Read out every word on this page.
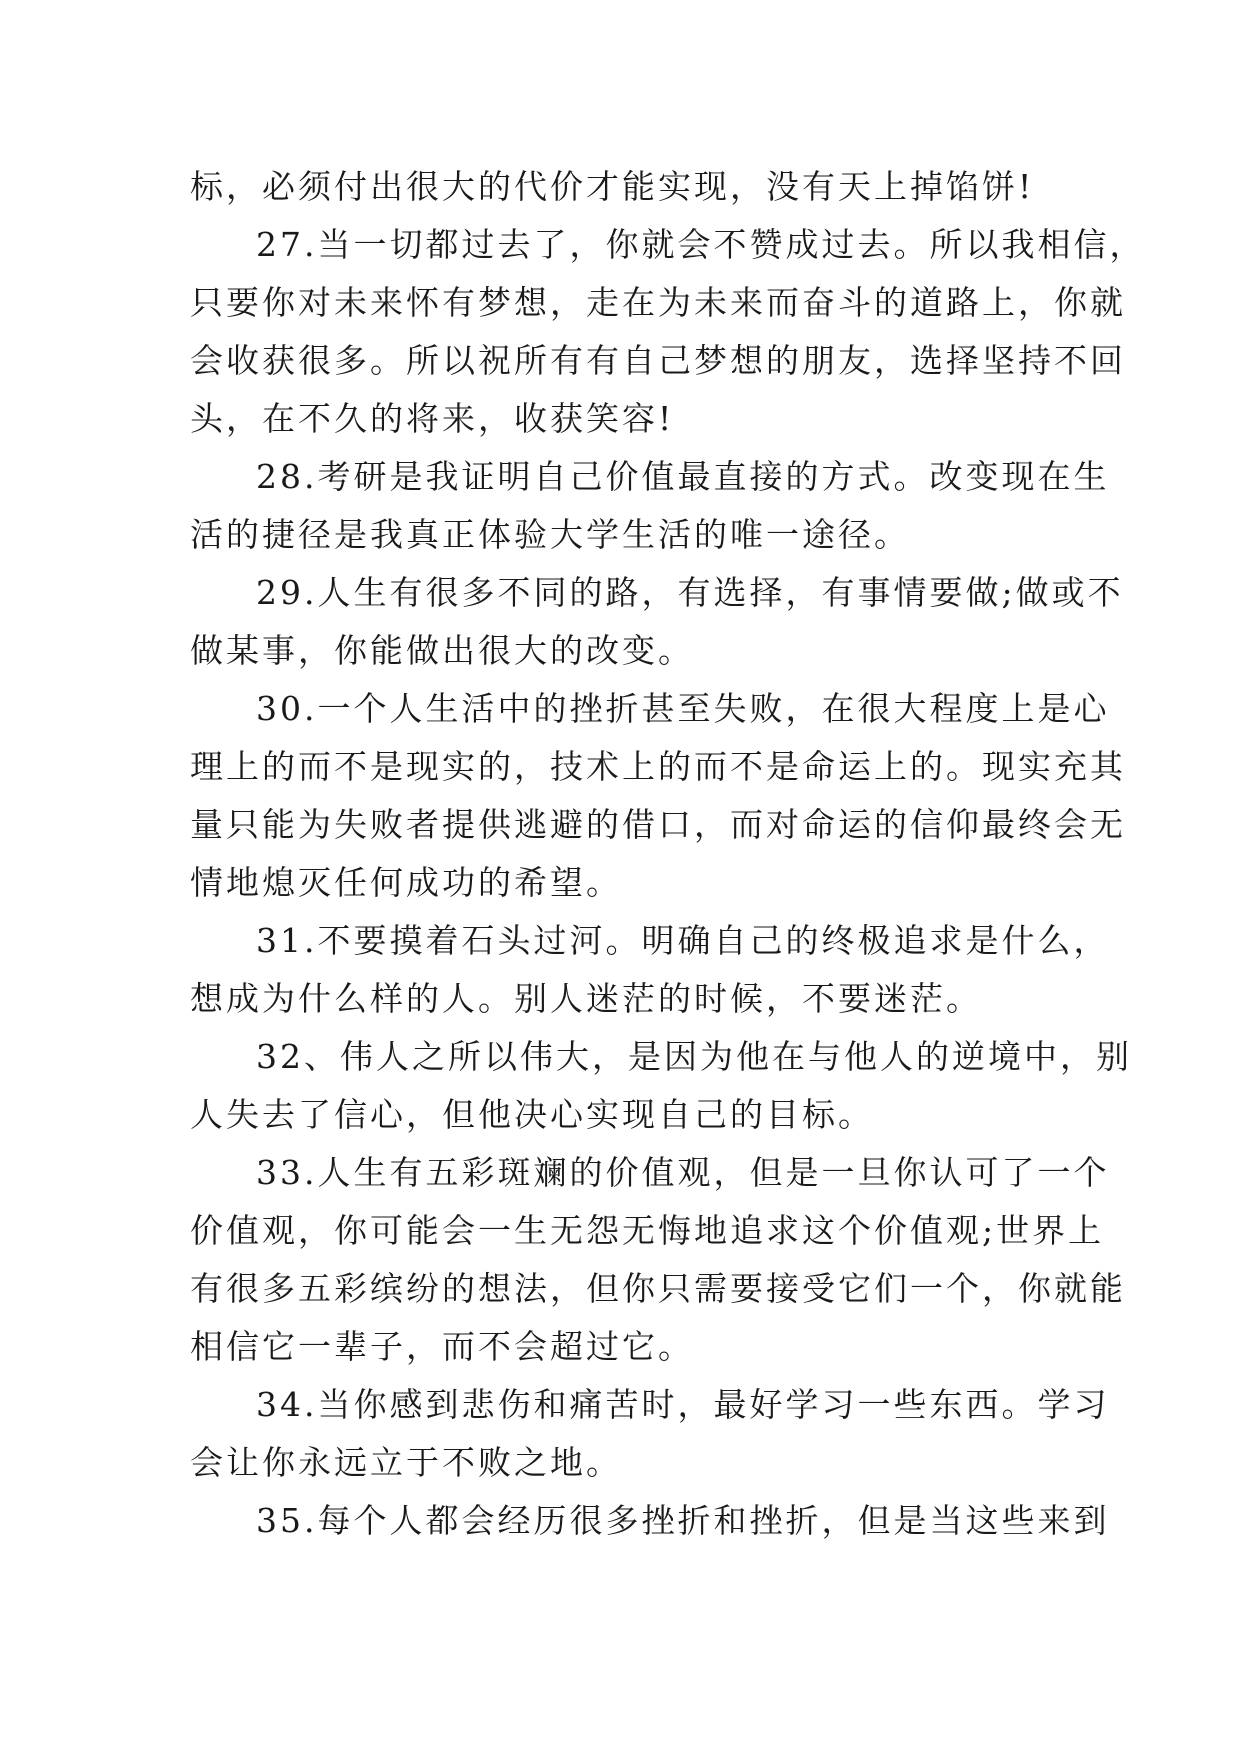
标，必须付出很大的代价才能实现，没有天上掉馅饼!
27.当一切都过去了，你就会不赞成过去。所以我相信，
只要你对未来怀有梦想，走在为未来而奋斗的道路上，你就
会收获很多。所以祝所有有自己梦想的朋友，选择坚持不回
头，在不久的将来，收获笑容!
28.考研是我证明自己价值最直接的方式。改变现在生
活的捷径是我真正体验大学生活的唯一途径。
29.人生有很多不同的路，有选择，有事情要做;做或不
做某事，你能做出很大的改变。
30.一个人生活中的挫折甚至失败，在很大程度上是心
理上的而不是现实的，技术上的而不是命运上的。现实充其
量只能为失败者提供逃避的借口，而对命运的信仰最终会无
情地熄灭任何成功的希望。
31.不要摸着石头过河。明确自己的终极追求是什么，
想成为什么样的人。别人迷茫的时候，不要迷茫。
32、伟人之所以伟大，是因为他在与他人的逆境中，别
人失去了信心，但他决心实现自己的目标。
33.人生有五彩斑斓的价值观，但是一旦你认可了一个
价值观，你可能会一生无怨无悔地追求这个价值观;世界上
有很多五彩缤纷的想法，但你只需要接受它们一个，你就能
相信它一辈子，而不会超过它。
34.当你感到悲伤和痛苦时，最好学习一些东西。学习
会让你永远立于不败之地。
35.每个人都会经历很多挫折和挫折，但是当这些来到
